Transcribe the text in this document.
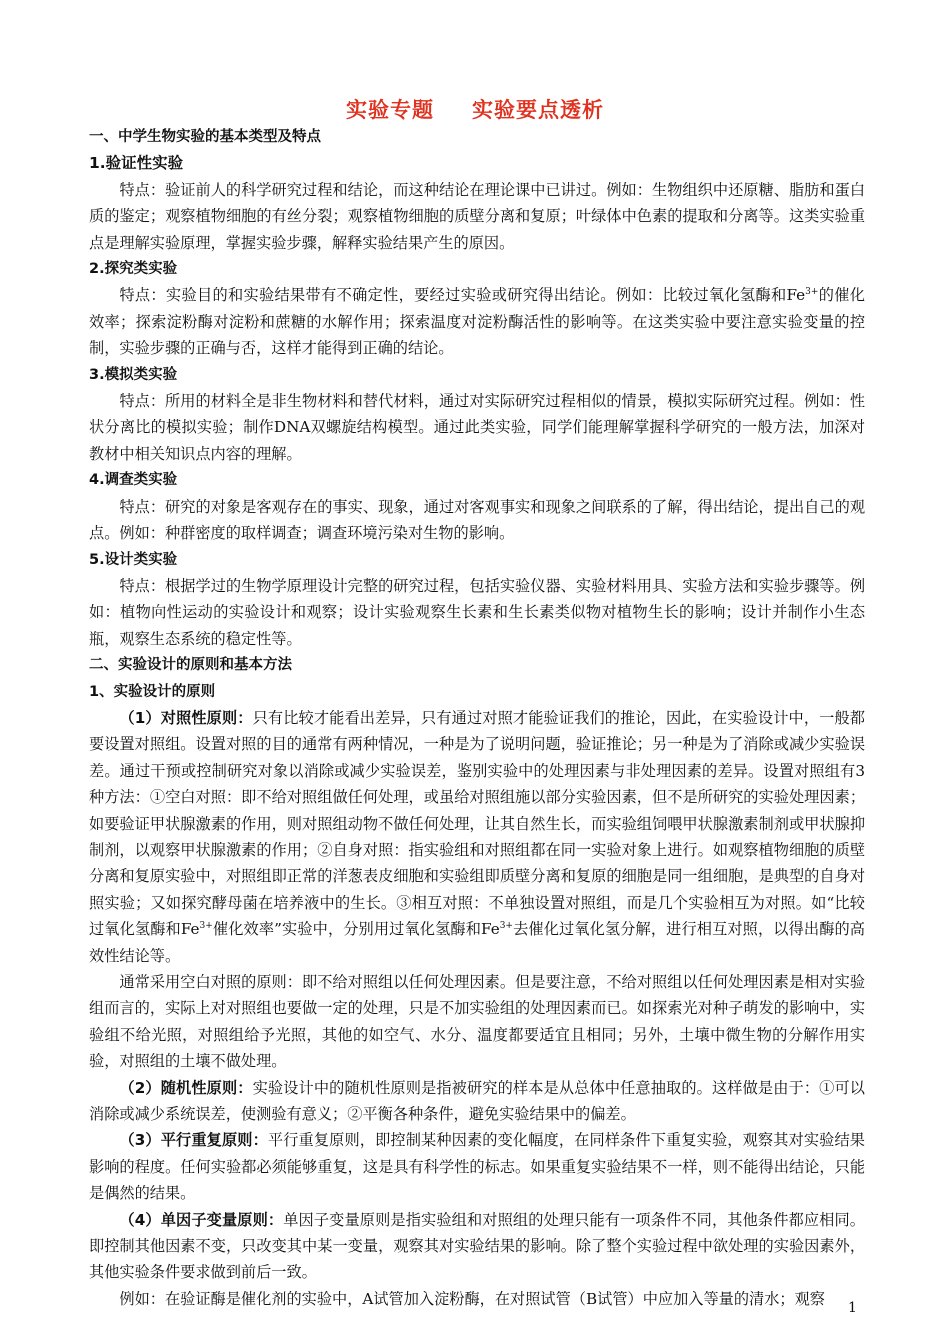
实验专题 实验要点透析

一、中学生物实验的基本类型及特点

1.验证性实验

特点：验证前人的科学研究过程和结论，而这种结论在理论课中已讲过。例如：生物组织中还原糖、脂肪和蛋白质的鉴定；观察植物细胞的有丝分裂；观察植物细胞的质壁分离和复原；叶绿体中色素的提取和分离等。这类实验重点是理解实验原理，掌握实验步骤，解释实验结果产生的原因。

2.探究类实验

特点：实验目的和实验结果带有不确定性，要经过实验或研究得出结论。例如：比较过氧化氢酶和$Fe^{3+}$的催化效率；探索淀粉酶对淀粉和蔗糖的水解作用；探索温度对淀粉酶活性的影响等。在这类实验中要注意实验变量的控制，实验步骤的正确与否，这样才能得到正确的结论。

3.模拟类实验

特点：所用的材料全是非生物材料和替代材料，通过对实际研究过程相似的情景，模拟实际研究过程。例如：性状分离比的模拟实验；制作DNA双螺旋结构模型。通过此类实验，同学们能理解掌握科学研究的一般方法，加深对教材中相关知识点内容的理解。

4.调查类实验

特点：研究的对象是客观存在的事实、现象，通过对客观事实和现象之间联系的了解，得出结论，提出自己的观点。例如：种群密度的取样调查；调查环境污染对生物的影响。

5.设计类实验

特点：根据学过的生物学原理设计完整的研究过程，包括实验仪器、实验材料用具、实验方法和实验步骤等。例如：植物向性运动的实验设计和观察；设计实验观察生长素和生长素类似物对植物生长的影响；设计并制作小生态瓶，观察生态系统的稳定性等。

二、实验设计的原则和基本方法

1、实验设计的原则

（1）对照性原则：只有比较才能看出差异，只有通过对照才能验证我们的推论，因此，在实验设计中，一般都要设置对照组。设置对照的目的通常有两种情况，一种是为了说明问题，验证推论；另一种是为了消除或减少实验误差。通过干预或控制研究对象以消除或减少实验误差，鉴别实验中的处理因素与非处理因素的差异。设置对照组有3种方法：①空白对照：即不给对照组做任何处理，或虽给对照组施以部分实验因素，但不是所研究的实验处理因素；如要验证甲状腺激素的作用，则对照组动物不做任何处理，让其自然生长，而实验组饲喂甲状腺激素制剂或甲状腺抑制剂，以观察甲状腺激素的作用；②自身对照：指实验组和对照组都在同一实验对象上进行。如观察植物细胞的质壁分离和复原实验中，对照组即正常的洋葱表皮细胞和实验组即质壁分离和复原的细胞是同一组细胞，是典型的自身对照实验；又如探究酵母菌在培养液中的生长。③相互对照：不单独设置对照组，而是几个实验相互为对照。如“比较过氧化氢酶和$Fe^{3+}$催化效率”实验中，分别用过氧化氢酶和$Fe^{3+}$去催化过氧化氢分解，进行相互对照，以得出酶的高效性结论等。

通常采用空白对照的原则：即不给对照组以任何处理因素。但是要注意，不给对照组以任何处理因素是相对实验组而言的，实际上对对照组也要做一定的处理，只是不加实验组的处理因素而已。如探索光对种子萌发的影响中，实验组不给光照，对照组给予光照，其他的如空气、水分、温度都要适宜且相同；另外，土壤中微生物的分解作用实验，对照组的土壤不做处理。

（2）随机性原则：实验设计中的随机性原则是指被研究的样本是从总体中任意抽取的。这样做是由于：①可以消除或减少系统误差，使测验有意义；②平衡各种条件，避免实验结果中的偏差。

（3）平行重复原则：平行重复原则，即控制某种因素的变化幅度，在同样条件下重复实验，观察其对实验结果影响的程度。任何实验都必须能够重复，这是具有科学性的标志。如果重复实验结果不一样，则不能得出结论，只能是偶然的结果。

（4）单因子变量原则：单因子变量原则是指实验组和对照组的处理只能有一项条件不同，其他条件都应相同。即控制其他因素不变，只改变其中某一变量，观察其对实验结果的影响。除了整个实验过程中欲处理的实验因素外，其他实验条件要求做到前后一致。

例如：在验证酶是催化剂的实验中，A试管加入淀粉酶，在对照试管（B试管）中应加入等量的清水；观察

1
